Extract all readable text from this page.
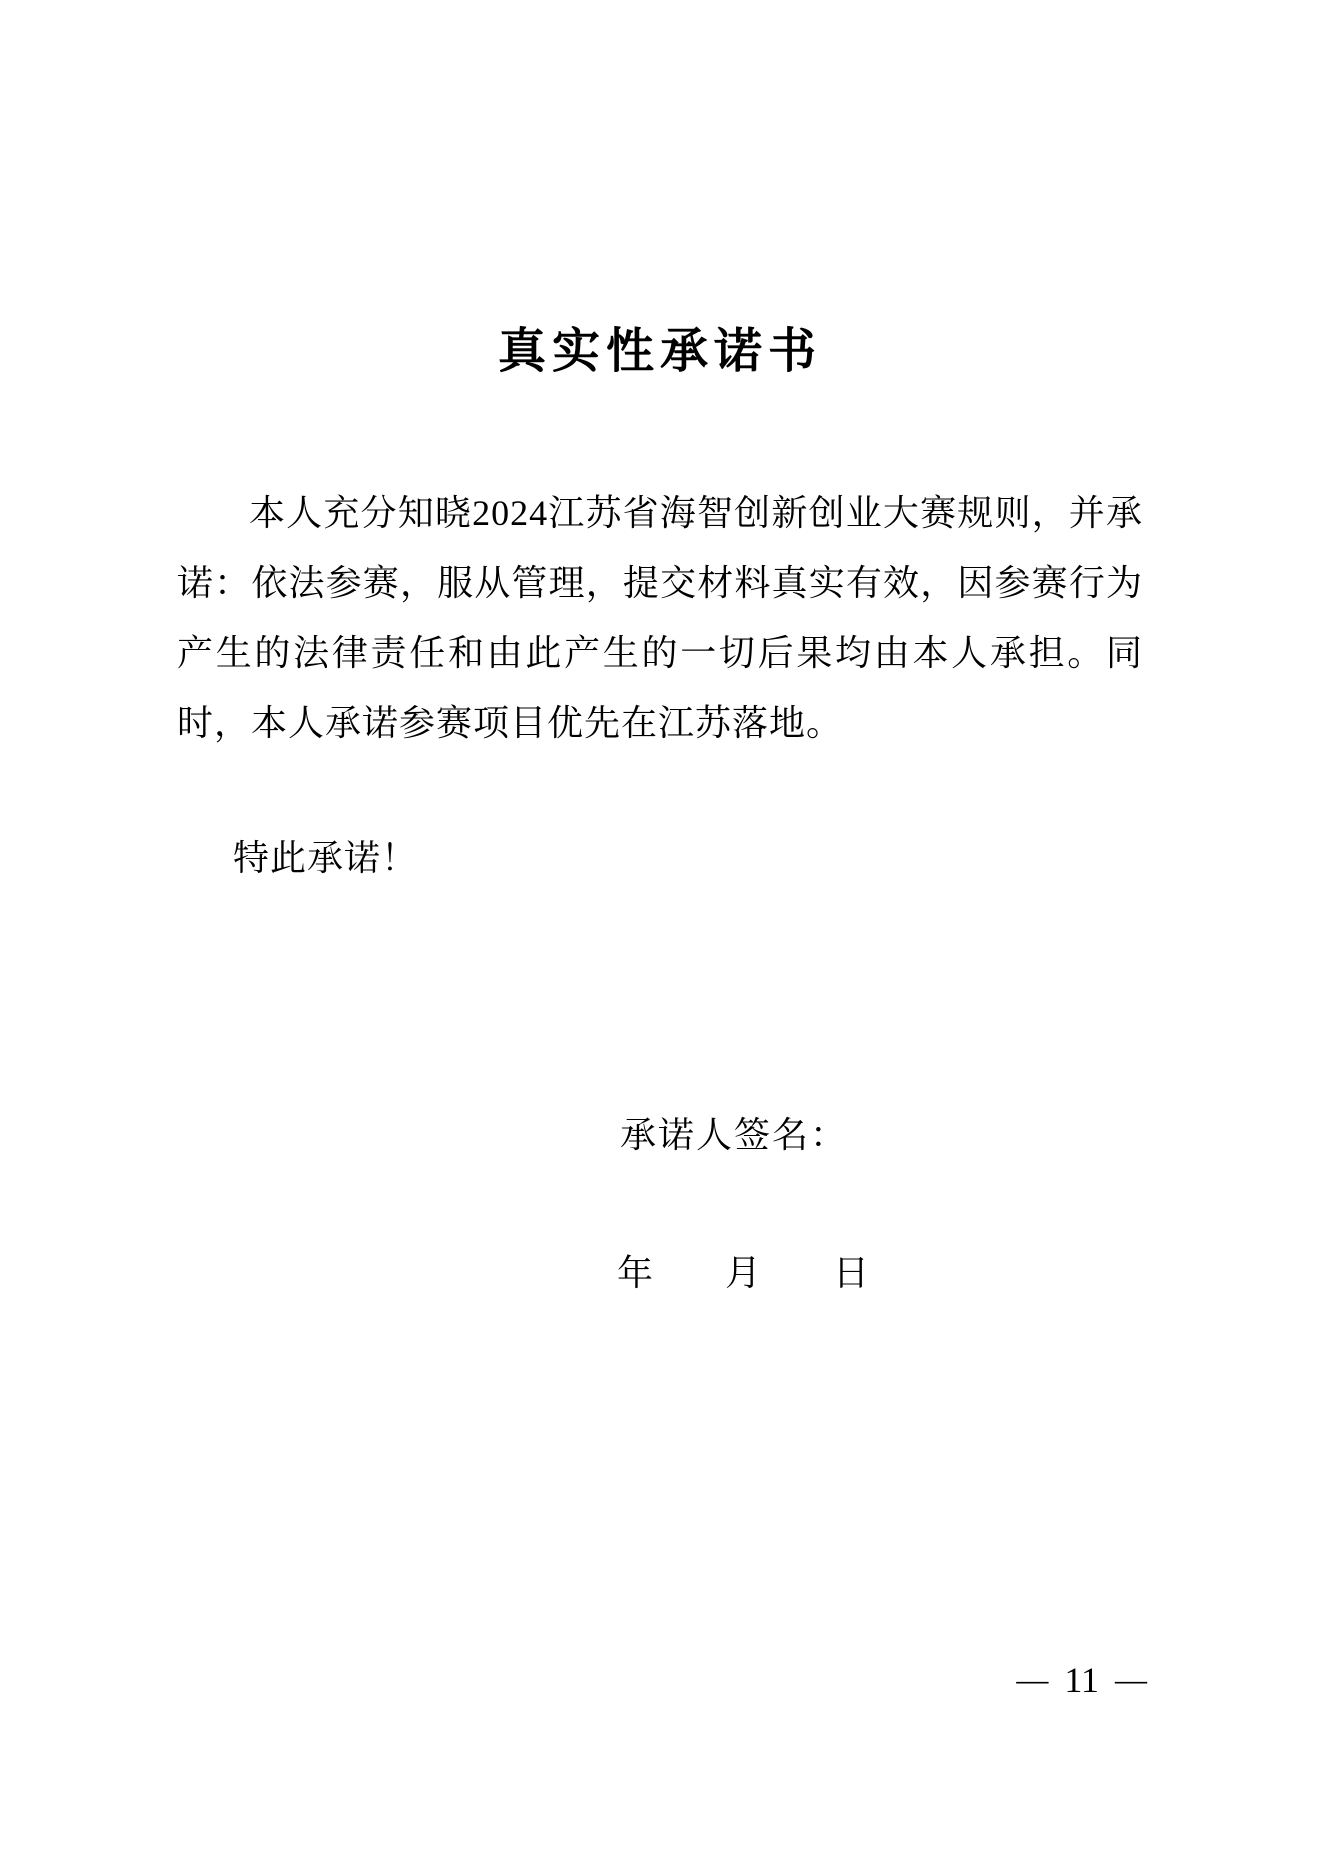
真实性承诺书

本人充分知晓2024江苏省海智创新创业大赛规则，并承诺：依法参赛，服从管理，提交材料真实有效，因参赛行为产生的法律责任和由此产生的一切后果均由本人承担。同时，本人承诺参赛项目优先在江苏落地。

特此承诺！

承诺人签名：
年 月 日
— 11 —
